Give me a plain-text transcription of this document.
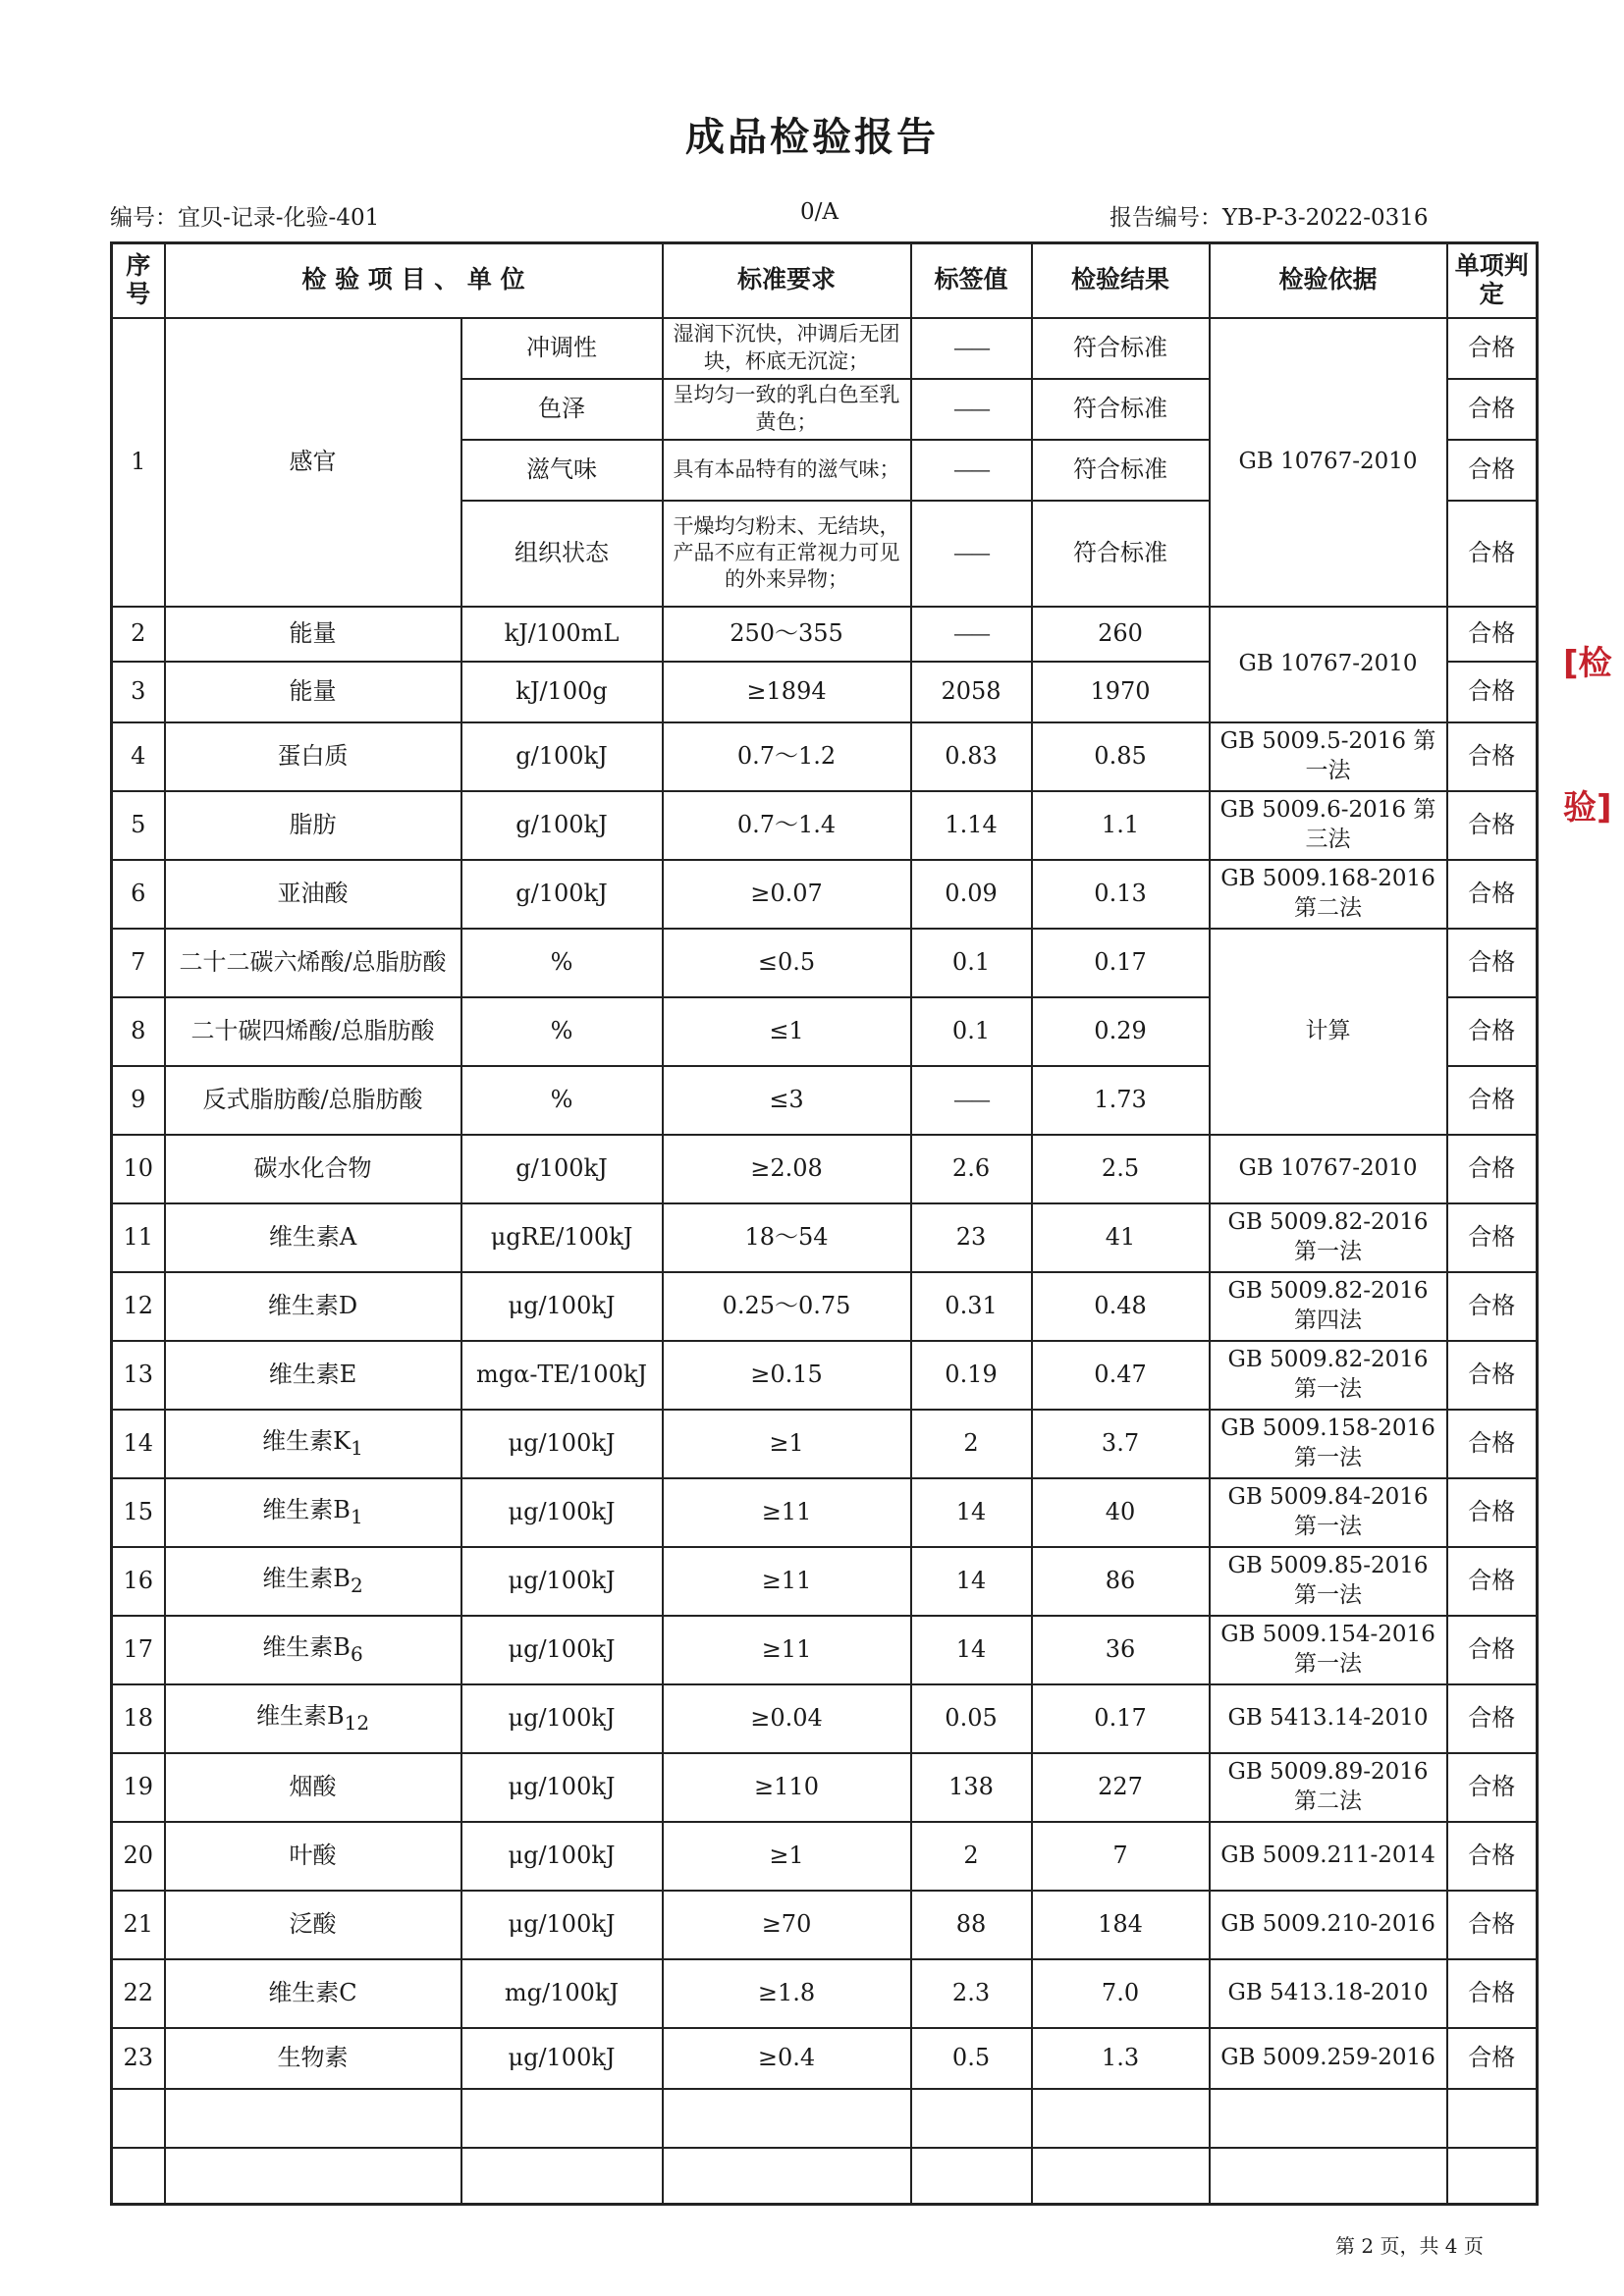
成品检验报告
编号：宜贝-记录-化验-401	0/A	报告编号：YB-P-3-2022-0316
序号	检 验 项 目 、 单 位		标准要求	标签值	检验结果	检验依据	单项判定
1	感官	冲调性	湿润下沉快，冲调后无团块，杯底无沉淀；	——	符合标准	GB 10767-2010	合格
		色泽	呈均匀一致的乳白色至乳黄色；	——	符合标准		合格
		滋气味	具有本品特有的滋气味；	——	符合标准		合格
		组织状态	干燥均匀粉末、无结块，产品不应有正常视力可见的外来异物；	——	符合标准		合格
2	能量	kJ/100mL	250～355	——	260	GB 10767-2010	合格
3	能量	kJ/100g	≥1894	2058	1970		合格
4	蛋白质	g/100kJ	0.7～1.2	0.83	0.85	GB 5009.5-2016 第一法	合格
5	脂肪	g/100kJ	0.7～1.4	1.14	1.1	GB 5009.6-2016 第三法	合格
6	亚油酸	g/100kJ	≥0.07	0.09	0.13	GB 5009.168-2016 第二法	合格
7	二十二碳六烯酸/总脂肪酸	%	≤0.5	0.1	0.17	计算	合格
8	二十碳四烯酸/总脂肪酸	%	≤1	0.1	0.29		合格
9	反式脂肪酸/总脂肪酸	%	≤3	——	1.73		合格
10	碳水化合物	g/100kJ	≥2.08	2.6	2.5	GB 10767-2010	合格
11	维生素A	μgRE/100kJ	18～54	23	41	GB 5009.82-2016 第一法	合格
12	维生素D	μg/100kJ	0.25～0.75	0.31	0.48	GB 5009.82-2016 第四法	合格
13	维生素E	mgα-TE/100kJ	≥0.15	0.19	0.47	GB 5009.82-2016 第一法	合格
14	维生素$K_1$	μg/100kJ	≥1	2	3.7	GB 5009.158-2016 第一法	合格
15	维生素$B_1$	μg/100kJ	≥11	14	40	GB 5009.84-2016 第一法	合格
16	维生素$B_2$	μg/100kJ	≥11	14	86	GB 5009.85-2016 第一法	合格
17	维生素$B_6$	μg/100kJ	≥11	14	36	GB 5009.154-2016 第一法	合格
18	维生素$B_{12}$	μg/100kJ	≥0.04	0.05	0.17	GB 5413.14-2010	合格
19	烟酸	μg/100kJ	≥110	138	227	GB 5009.89-2016 第二法	合格
20	叶酸	μg/100kJ	≥1	2	7	GB 5009.211-2014	合格
21	泛酸	μg/100kJ	≥70	88	184	GB 5009.210-2016	合格
22	维生素C	mg/100kJ	≥1.8	2.3	7.0	GB 5413.18-2010	合格
23	生物素	μg/100kJ	≥0.4	0.5	1.3	GB 5009.259-2016	合格

第 2 页，共 4 页
[检
验]
